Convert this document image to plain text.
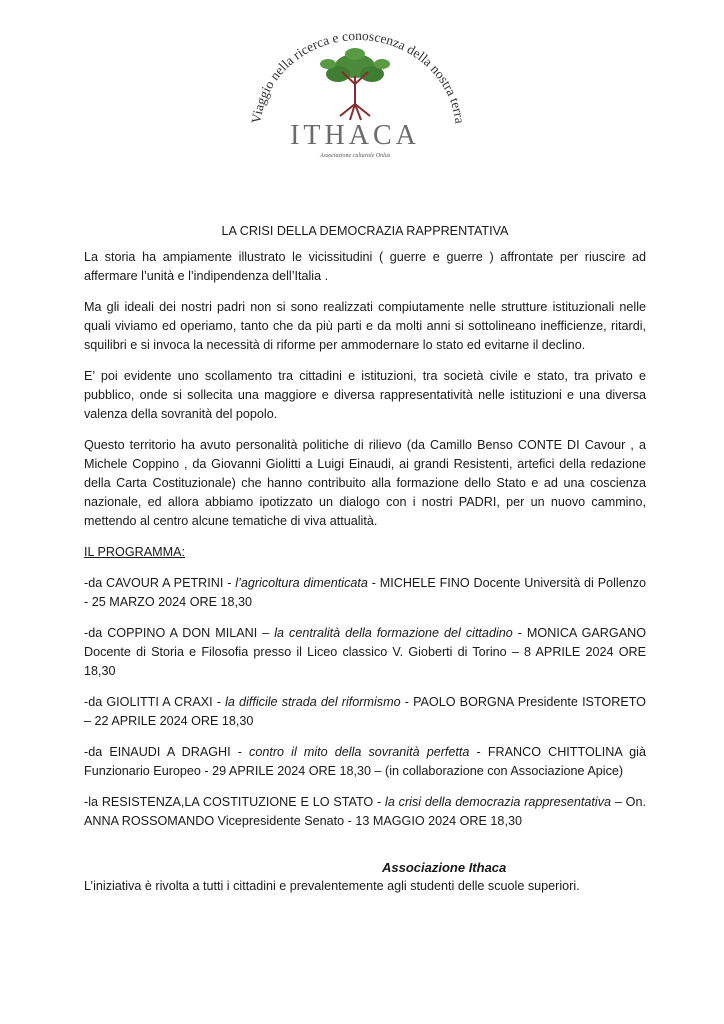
Viaggio nella ricerca e conoscenza della nostra terra
ITHACA
Associazione culturale Onlus

LA CRISI DELLA DEMOCRAZIA RAPPRENTATIVA

La storia ha ampiamente illustrato le vicissitudini ( guerre e guerre ) affrontate per riuscire ad affermare l’unità e l’indipendenza dell’Italia .

Ma gli ideali dei nostri padri non si sono realizzati compiutamente nelle strutture istituzionali nelle quali viviamo ed operiamo, tanto che da più parti e da molti anni si sottolineano inefficienze, ritardi, squilibri e si invoca la necessità di riforme per ammodernare lo stato ed evitarne il declino.

E’ poi evidente uno scollamento tra cittadini e istituzioni, tra società civile e stato, tra privato e pubblico, onde si sollecita una maggiore e diversa rappresentatività nelle istituzioni e una diversa valenza della sovranità del popolo.

Questo territorio ha avuto personalità politiche di rilievo (da Camillo Benso CONTE DI Cavour , a Michele Coppino , da Giovanni Giolitti a Luigi Einaudi, ai grandi Resistenti, artefici della redazione della Carta Costituzionale) che hanno contribuito alla formazione dello Stato e ad una coscienza nazionale, ed allora abbiamo ipotizzato un dialogo con i nostri PADRI, per un nuovo cammino, mettendo al centro alcune tematiche di viva attualità.

IL PROGRAMMA:

-da CAVOUR A PETRINI - l’agricoltura dimenticata - MICHELE FINO Docente Università di Pollenzo - 25 MARZO 2024 ORE 18,30

-da COPPINO A DON MILANI – la centralità della formazione del cittadino - MONICA GARGANO Docente di Storia e Filosofia presso il Liceo classico V. Gioberti di Torino – 8 APRILE 2024 ORE 18,30

-da GIOLITTI A CRAXI - la difficile strada del riformismo - PAOLO BORGNA Presidente ISTORETO – 22 APRILE 2024 ORE 18,30

-da EINAUDI A DRAGHI - contro il mito della sovranità perfetta - FRANCO CHITTOLINA già Funzionario Europeo - 29 APRILE 2024 ORE 18,30 – (in collaborazione con Associazione Apice)

-la RESISTENZA,LA COSTITUZIONE E LO STATO - la crisi della democrazia rappresentativa – On. ANNA ROSSOMANDO Vicepresidente Senato - 13 MAGGIO 2024 ORE 18,30

L’iniziativa è rivolta a tutti i cittadini e prevalentemente agli studenti delle scuole superiori.

Associazione Ithaca
